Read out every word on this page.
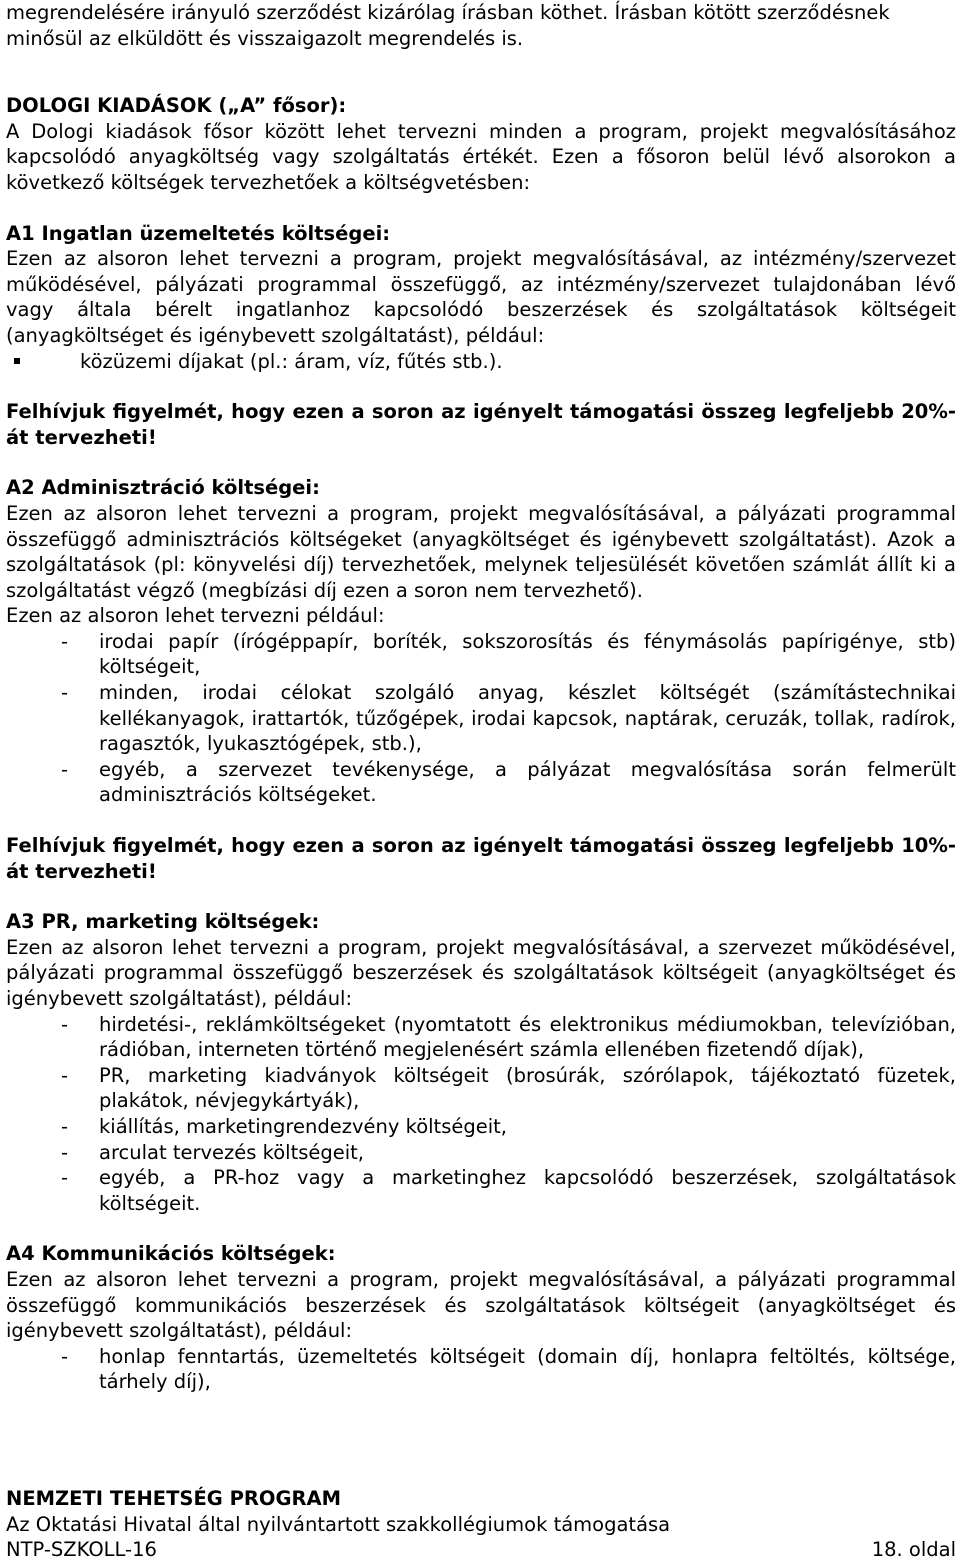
megrendelésére irányuló szerződést kizárólag írásban köthet. Írásban kötött szerződésnek

minősül az elküldött és visszaigazolt megrendelés is.

DOLOGI KIADÁSOK („A” fősor):

A Dologi kiadások fősor között lehet tervezni minden a program, projekt megvalósításához kapcsolódó anyagköltség vagy szolgáltatás értékét. Ezen a fősoron belül lévő alsorokon a következő költségek tervezhetőek a költségvetésben:

A1 Ingatlan üzemeltetés költségei:

Ezen az alsoron lehet tervezni a program, projekt megvalósításával, az intézmény/szervezet működésével, pályázati programmal összefüggő, az intézmény/szervezet tulajdonában lévő vagy általa bérelt ingatlanhoz kapcsolódó beszerzések és szolgáltatások költségeit (anyagköltséget és igénybevett szolgáltatást), például:

közüzemi díjakat (pl.: áram, víz, fűtés stb.).

Felhívjuk figyelmét, hogy ezen a soron az igényelt támogatási összeg legfeljebb 20%-át tervezheti!

A2 Adminisztráció költségei:

Ezen az alsoron lehet tervezni a program, projekt megvalósításával, a pályázati programmal összefüggő adminisztrációs költségeket (anyagköltséget és igénybevett szolgáltatást). Azok a szolgáltatások (pl: könyvelési díj) tervezhetőek, melynek teljesülését követően számlát állít ki a szolgáltatást végző (megbízási díj ezen a soron nem tervezhető).

Ezen az alsoron lehet tervezni például:

- irodai papír (írógéppapír, boríték, sokszorosítás és fénymásolás papírigénye, stb) költségeit,
- minden, irodai célokat szolgáló anyag, készlet költségét (számítástechnikai kellékanyagok, irattartók, tűzőgépek, irodai kapcsok, naptárak, ceruzák, tollak, radírok, ragasztók, lyukasztógépek, stb.),
- egyéb, a szervezet tevékenysége, a pályázat megvalósítása során felmerült adminisztrációs költségeket.

Felhívjuk figyelmét, hogy ezen a soron az igényelt támogatási összeg legfeljebb 10%-át tervezheti!

A3 PR, marketing költségek:

Ezen az alsoron lehet tervezni a program, projekt megvalósításával, a szervezet működésével, pályázati programmal összefüggő beszerzések és szolgáltatások költségeit (anyagköltséget és igénybevett szolgáltatást), például:

- hirdetési-, reklámköltségeket (nyomtatott és elektronikus médiumokban, televízióban, rádióban, interneten történő megjelenésért számla ellenében fizetendő díjak),
- PR, marketing kiadványok költségeit (brosúrák, szórólapok, tájékoztató füzetek, plakátok, névjegykártyák),
- kiállítás, marketingrendezvény költségeit,
- arculat tervezés költségeit,
- egyéb, a PR-hoz vagy a marketinghez kapcsolódó beszerzések, szolgáltatások költségeit.

A4 Kommunikációs költségek:

Ezen az alsoron lehet tervezni a program, projekt megvalósításával, a pályázati programmal összefüggő kommunikációs beszerzések és szolgáltatások költségeit (anyagköltséget és igénybevett szolgáltatást), például:

- honlap fenntartás, üzemeltetés költségeit (domain díj, honlapra feltöltés, költsége, tárhely díj),

NEMZETI TEHETSÉG PROGRAM

Az Oktatási Hivatal által nyilvántartott szakkollégiumok támogatása

NTP-SZKOLL-16	18. oldal
